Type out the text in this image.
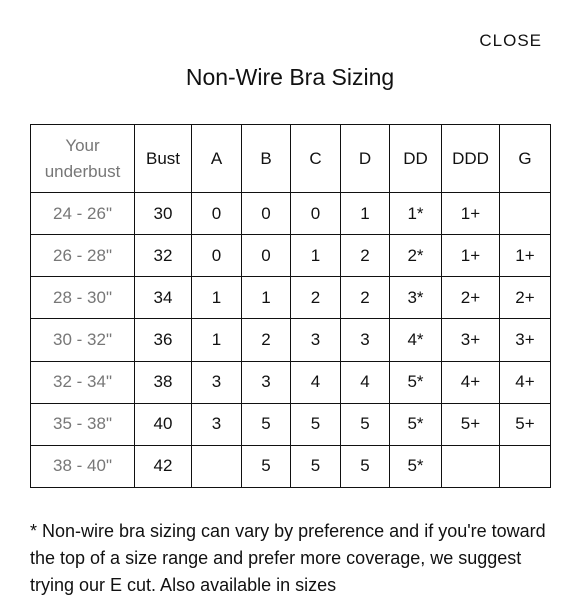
CLOSE
Non-Wire Bra Sizing
Your underbust	Bust	A	B	C	D	DD	DDD	G
24 - 26"	30	0	0	0	1	1*	1+	
26 - 28"	32	0	0	1	2	2*	1+	1+
28 - 30"	34	1	1	2	2	3*	2+	2+
30 - 32"	36	1	2	3	3	4*	3+	3+
32 - 34"	38	3	3	4	4	5*	4+	4+
35 - 38"	40	3	5	5	5	5*	5+	5+
38 - 40"	42		5	5	5	5*		

* Non-wire bra sizing can vary by preference and if you're toward the top of a size range and prefer more coverage, we suggest trying our E cut. Also available in sizes
